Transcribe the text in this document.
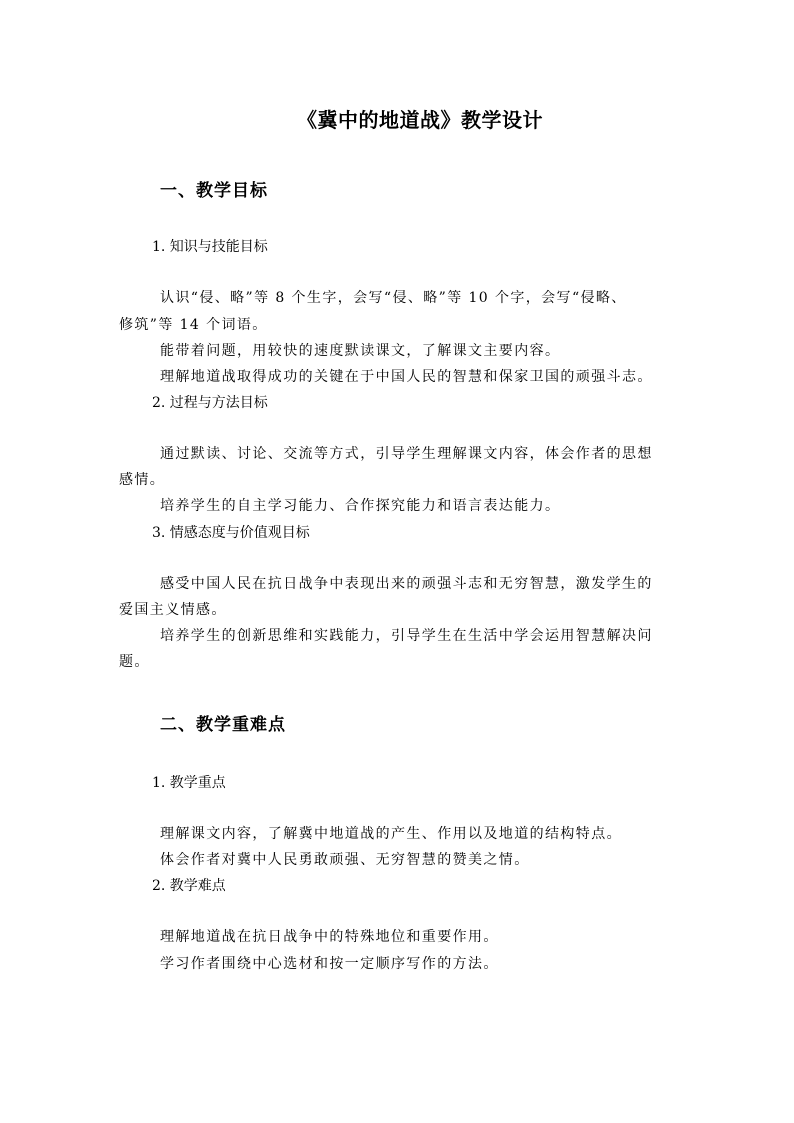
《冀中的地道战》教学设计
一、教学目标
1. 知识与技能目标
认识“侵、略”等 8 个生字，会写“侵、略”等 10 个字，会写“侵略、
修筑”等 14 个词语。
能带着问题，用较快的速度默读课文，了解课文主要内容。
理解地道战取得成功的关键在于中国人民的智慧和保家卫国的顽强斗志。
2. 过程与方法目标
通过默读、讨论、交流等方式，引导学生理解课文内容，体会作者的思想
感情。
培养学生的自主学习能力、合作探究能力和语言表达能力。
3. 情感态度与价值观目标
感受中国人民在抗日战争中表现出来的顽强斗志和无穷智慧，激发学生的
爱国主义情感。
培养学生的创新思维和实践能力，引导学生在生活中学会运用智慧解决问
题。
二、教学重难点
1. 教学重点
理解课文内容，了解冀中地道战的产生、作用以及地道的结构特点。
体会作者对冀中人民勇敢顽强、无穷智慧的赞美之情。
2. 教学难点
理解地道战在抗日战争中的特殊地位和重要作用。
学习作者围绕中心选材和按一定顺序写作的方法。
